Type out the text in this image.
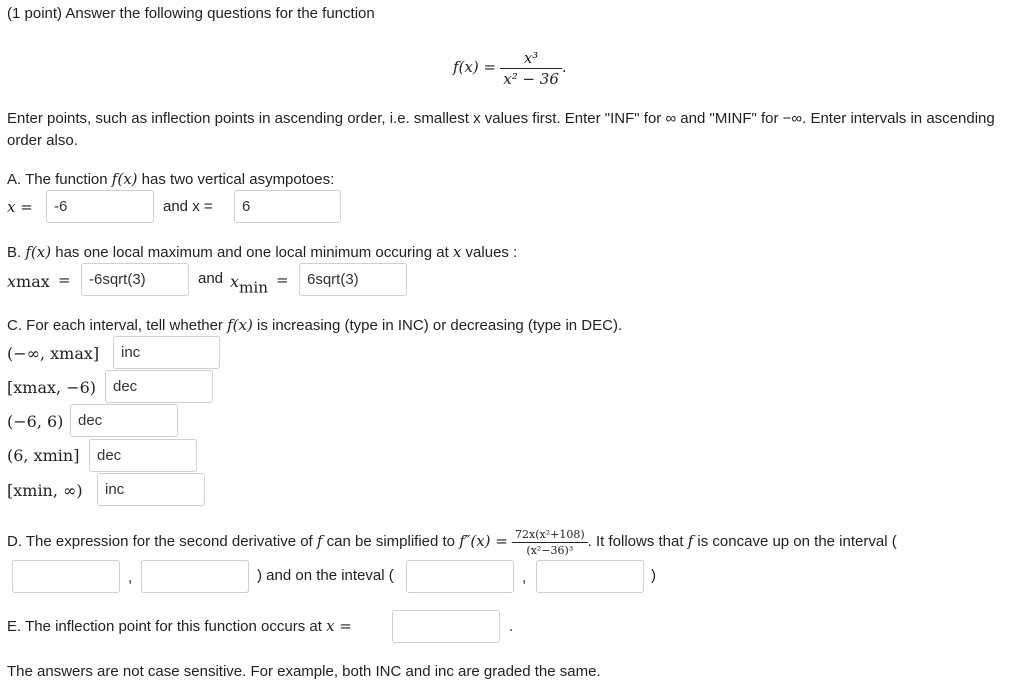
(1 point) Answer the following questions for the function
$f(x) = \frac{\text{x³}}{\text{x² − 36}}$ .
Enter points, such as inflection points in ascending order, i.e. smallest x values first. Enter "INF" for ∞ and "MINF" for −∞. Enter intervals in ascending order also.
A. The function f(x) has two vertical asympotoes:
x =	-6	and x =	6
B. f(x) has one local maximum and one local minimum occuring at x values :
xmax =	-6sqrt(3)	and $x_{min}$ =	6sqrt(3)
C. For each interval, tell whether f(x) is increasing (type in INC) or decreasing (type in DEC).
(−∞, xmax]	inc
[xmax, −6)	dec
(−6, 6) dec
(6, xmin]	dec
[xmin, ∞)	inc
D. The expression for the second derivative of f can be simplified to $f''(x) = \frac{\text{72x(x²+108)}}{\text{(x²−36)³}}$ . It follows that f is concave up on the interval (
,	) and on the inteval (	,	)
E. The inflection point for this function occurs at x =	.
The answers are not case sensitive. For example, both INC and inc are graded the same.
